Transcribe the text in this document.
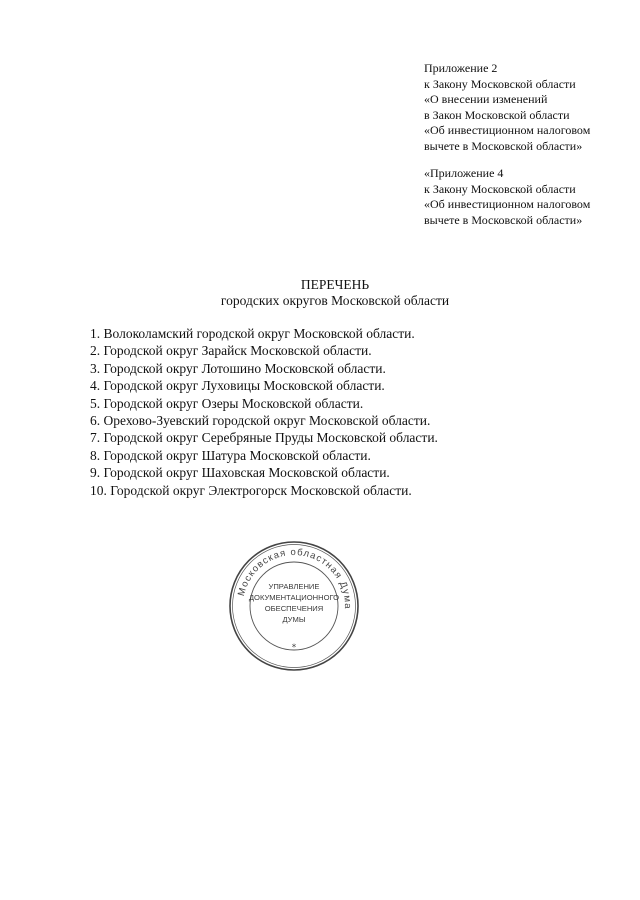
Приложение 2
к Закону Московской области
«О внесении изменений
в Закон Московской области
«Об инвестиционном налоговом
вычете в Московской области»
«Приложение 4
к Закону Московской области
«Об инвестиционном налоговом
вычете в Московской области»
ПЕРЕЧЕНЬ
городских округов Московской области
1. Волоколамский городской округ Московской области.
2. Городской округ Зарайск Московской области.
3. Городской округ Лотошино Московской области.
4. Городской округ Луховицы Московской области.
5. Городской округ Озеры Московской области.
6. Орехово-Зуевский городской округ Московской области.
7. Городской округ Серебряные Пруды Московской области.
8. Городской округ Шатура Московской области.
9. Городской округ Шаховская Московской области.
10. Городской округ Электрогорск Московской области.
Московская областная Дума
*
УПРАВЛЕНИЕ
ДОКУМЕНТАЦИОННОГО
ОБЕСПЕЧЕНИЯ
ДУМЫ
